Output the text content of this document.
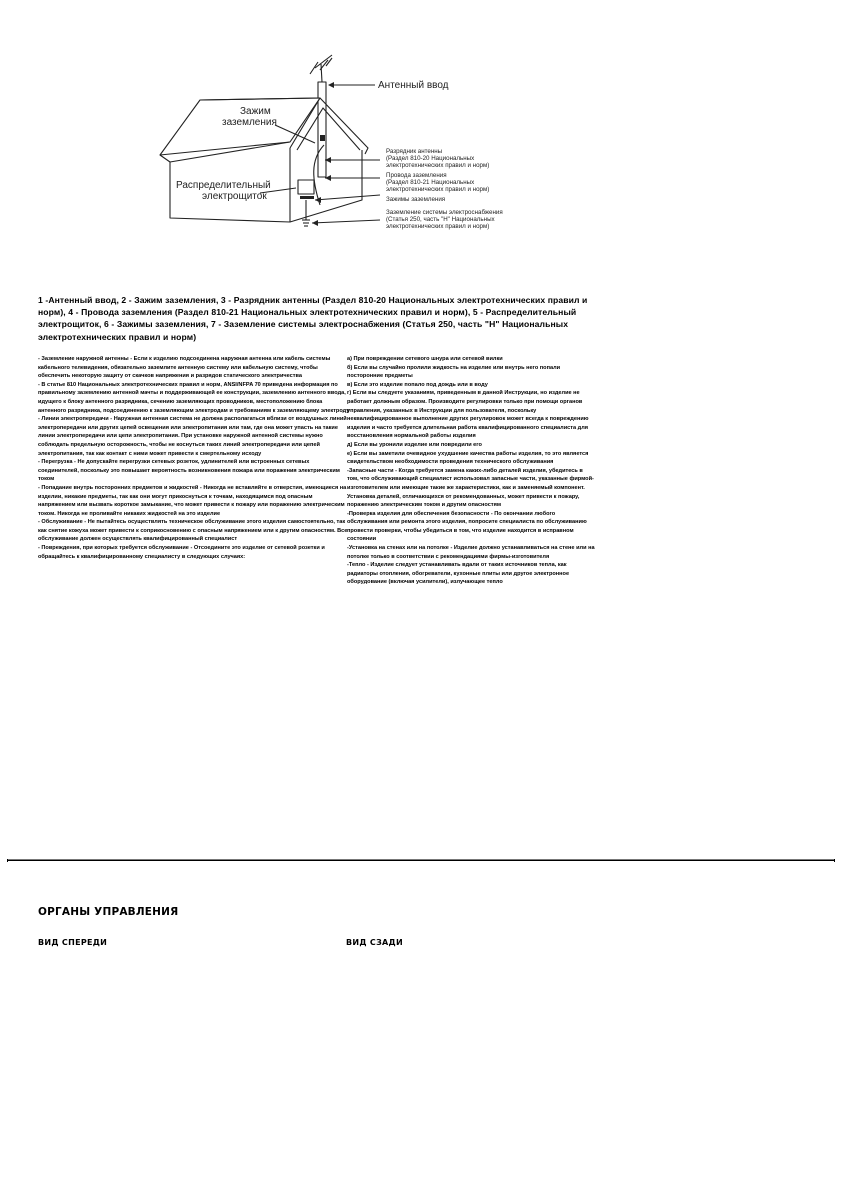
Антенный ввод
Зажим
заземления
Распределительный
электрощиток
Разрядник антенны
(Раздел 810-20 Национальных
электротехнических правил и норм)
Провода заземления
(Раздел 810-21 Национальных
электротехнических правил и норм)
Зажимы заземления
Заземление системы электроснабжения
(Статья 250, часть "H" Национальных
электротехнических правил и норм)
1 -Антенный ввод, 2 - Зажим заземления, 3 - Разрядник антенны (Раздел 810-20 Национальных электротехнических правил и норм), 4 - Провода заземления (Раздел 810-21 Национальных электротехнических правил и норм), 5 - Распределительный электрощиток, 6 - Зажимы заземления, 7 - Заземление системы электроснабжения (Статья 250, часть "H" Национальных электротехнических правил и норм)

- Заземление наружной антенны - Если к изделию подсоединена наружная антенна или кабель системы кабельного телевидения, обязательно заземлите антенную систему или кабельную систему, чтобы обеспечить некоторую защиту от скачков напряжения и разрядов статического электричества

- В статье 810 Национальных электротехнических правил и норм, ANSI/NFPA 70 приведена информация по правильному заземлению антенной мачты и поддерживающей ее конструкции, заземлению антенного ввода, идущего к блоку антенного разрядника, сечению заземляющих проводников, местоположению блока антенного разрядника, подсоединению к заземляющим электродам и требованиям к заземляющему электроду

- Линии электропередачи - Наружная антенная система не должна располагаться вблизи от воздушных линий электропередачи или других цепей освещения или электропитания или там, где она может упасть на такие линии электропередачи или цепи электропитания. При установке наружной антенной системы нужно соблюдать предельную осторожность, чтобы не коснуться таких линий электропередачи или цепей электропитания, так как контакт с ними может привести к смертельному исходу

- Перегрузка - Не допускайте перегрузки сетевых розеток, удлинителей или встроенных сетевых соединителей, поскольку это повышает вероятность возникновения пожара или поражения электрическим током

- Попадание внутрь посторонних предметов и жидкостей - Никогда не вставляйте в отверстия, имеющиеся на изделии, никакие предметы, так как они могут прикоснуться к точкам, находящимся под опасным напряжением или вызвать короткое замыкание, что может привести к пожару или поражению электрическим током. Никогда не проливайте никаких жидкостей на это изделие

- Обслуживание - Не пытайтесь осуществлять техническое обслуживание этого изделия самостоятельно, так как снятие кожуха может привести к соприкосновению с опасным напряжением или к другим опасностям. Все обслуживание должен осуществлять квалифицированный специалист

- Повреждения, при которых требуется обслуживание - Отсоедините это изделие от сетевой розетки и обращайтесь к квалифицированному специалисту в следующих случаях:

а) При повреждении сетевого шнура или сетевой вилки

б) Если вы случайно пролили жидкость на изделие или внутрь него попали посторонние предметы

в) Если это изделие попало под дождь или в воду

г) Если вы следуете указаниям, приведенным в данной Инструкции, но изделие не работает должным образом. Производите регулировки только при помощи органов управления, указанных в Инструкции для пользователя, поскольку неквалифицированное выполнение других регулировок может всегда к повреждению изделия и часто требуется длительная работа квалифицированного специалиста для восстановления нормальной работы изделия

д) Если вы уронили изделие или повредили его

е) Если вы заметили очевидное ухудшение качества работы изделия, то это является свидетельством необходимости проведения технического обслуживания

-Запасные части - Когда требуется замена каких-либо деталей изделия, убедитесь в том, что обслуживающий специалист использовал запасные части, указанные фирмой-изготовителем или имеющие такие же характеристики, как и заменяемый компонент. Установка деталей, отличающихся от рекомендованных, может привести к пожару, поражению электрическим током и другим опасностям

-Проверка изделия для обеспечения безопасности - По окончании любого обслуживания или ремонта этого изделия, попросите специалиста по обслуживанию провести проверки, чтобы убедиться в том, что изделие находится в исправном состоянии

-Установка на стенах или на потолке - Изделие должно устанавливаться на стене или на потолке только в соответствии с рекомендациями фирмы-изготовителя

-Тепло - Изделие следует устанавливать вдали от таких источников тепла, как радиаторы отопления, обогреватели, кухонные плиты или другое электронное оборудование (включая усилители), излучающее тепло

ОРГАНЫ УПРАВЛЕНИЯ
ВИД СПЕРЕДИ	ВИД СЗАДИ
